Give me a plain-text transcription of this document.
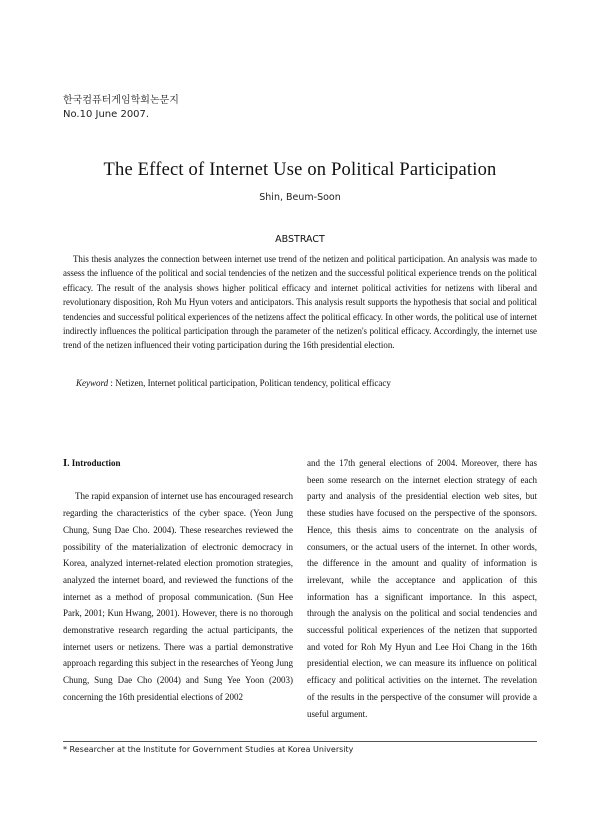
한국컴퓨터게임학회논문지
No.10 June 2007.
The Effect of Internet Use on Political Participation
Shin, Beum-Soon
ABSTRACT

This thesis analyzes the connection between internet use trend of the netizen and political participation. An analysis was made to assess the influence of the political and social tendencies of the netizen and the successful political experience trends on the political efficacy. The result of the analysis shows higher political efficacy and internet political activities for netizens with liberal and revolutionary disposition, Roh Mu Hyun voters and anticipators. This analysis result supports the hypothesis that social and political tendencies and successful political experiences of the netizens affect the political efficacy. In other words, the political use of internet indirectly influences the political participation through the parameter of the netizen's political efficacy. Accordingly, the internet use trend of the netizen influenced their voting participation during the 16th presidential election.

Keyword : Netizen, Internet political participation, Politican tendency, political efficacy

Ⅰ. Introduction

The rapid expansion of internet use has encouraged research regarding the characteristics of the cyber space. (Yeon Jung Chung, Sung Dae Cho. 2004). These researches reviewed the possibility of the materialization of electronic democracy in Korea, analyzed internet-related election promotion strategies, analyzed the internet board, and reviewed the functions of the internet as a method of proposal communication. (Sun Hee Park, 2001; Kun Hwang, 2001). However, there is no thorough demonstrative research regarding the actual participants, the internet users or netizens. There was a partial demonstrative approach regarding this subject in the researches of Yeong Jung Chung, Sung Dae Cho (2004) and Sung Yee Yoon (2003) concerning the 16th presidential elections of 2002

and the 17th general elections of 2004. Moreover, there has been some research on the internet election strategy of each party and analysis of the presidential election web sites, but these studies have focused on the perspective of the sponsors. Hence, this thesis aims to concentrate on the analysis of consumers, or the actual users of the internet. In other words, the difference in the amount and quality of information is irrelevant, while the acceptance and application of this information has a significant importance. In this aspect, through the analysis on the political and social tendencies and successful political experiences of the netizen that supported and voted for Roh My Hyun and Lee Hoi Chang in the 16th presidential election, we can measure its influence on political efficacy and political activities on the internet. The revelation of the results in the perspective of the consumer will provide a useful argument.

* Researcher at the Institute for Government Studies at Korea University
